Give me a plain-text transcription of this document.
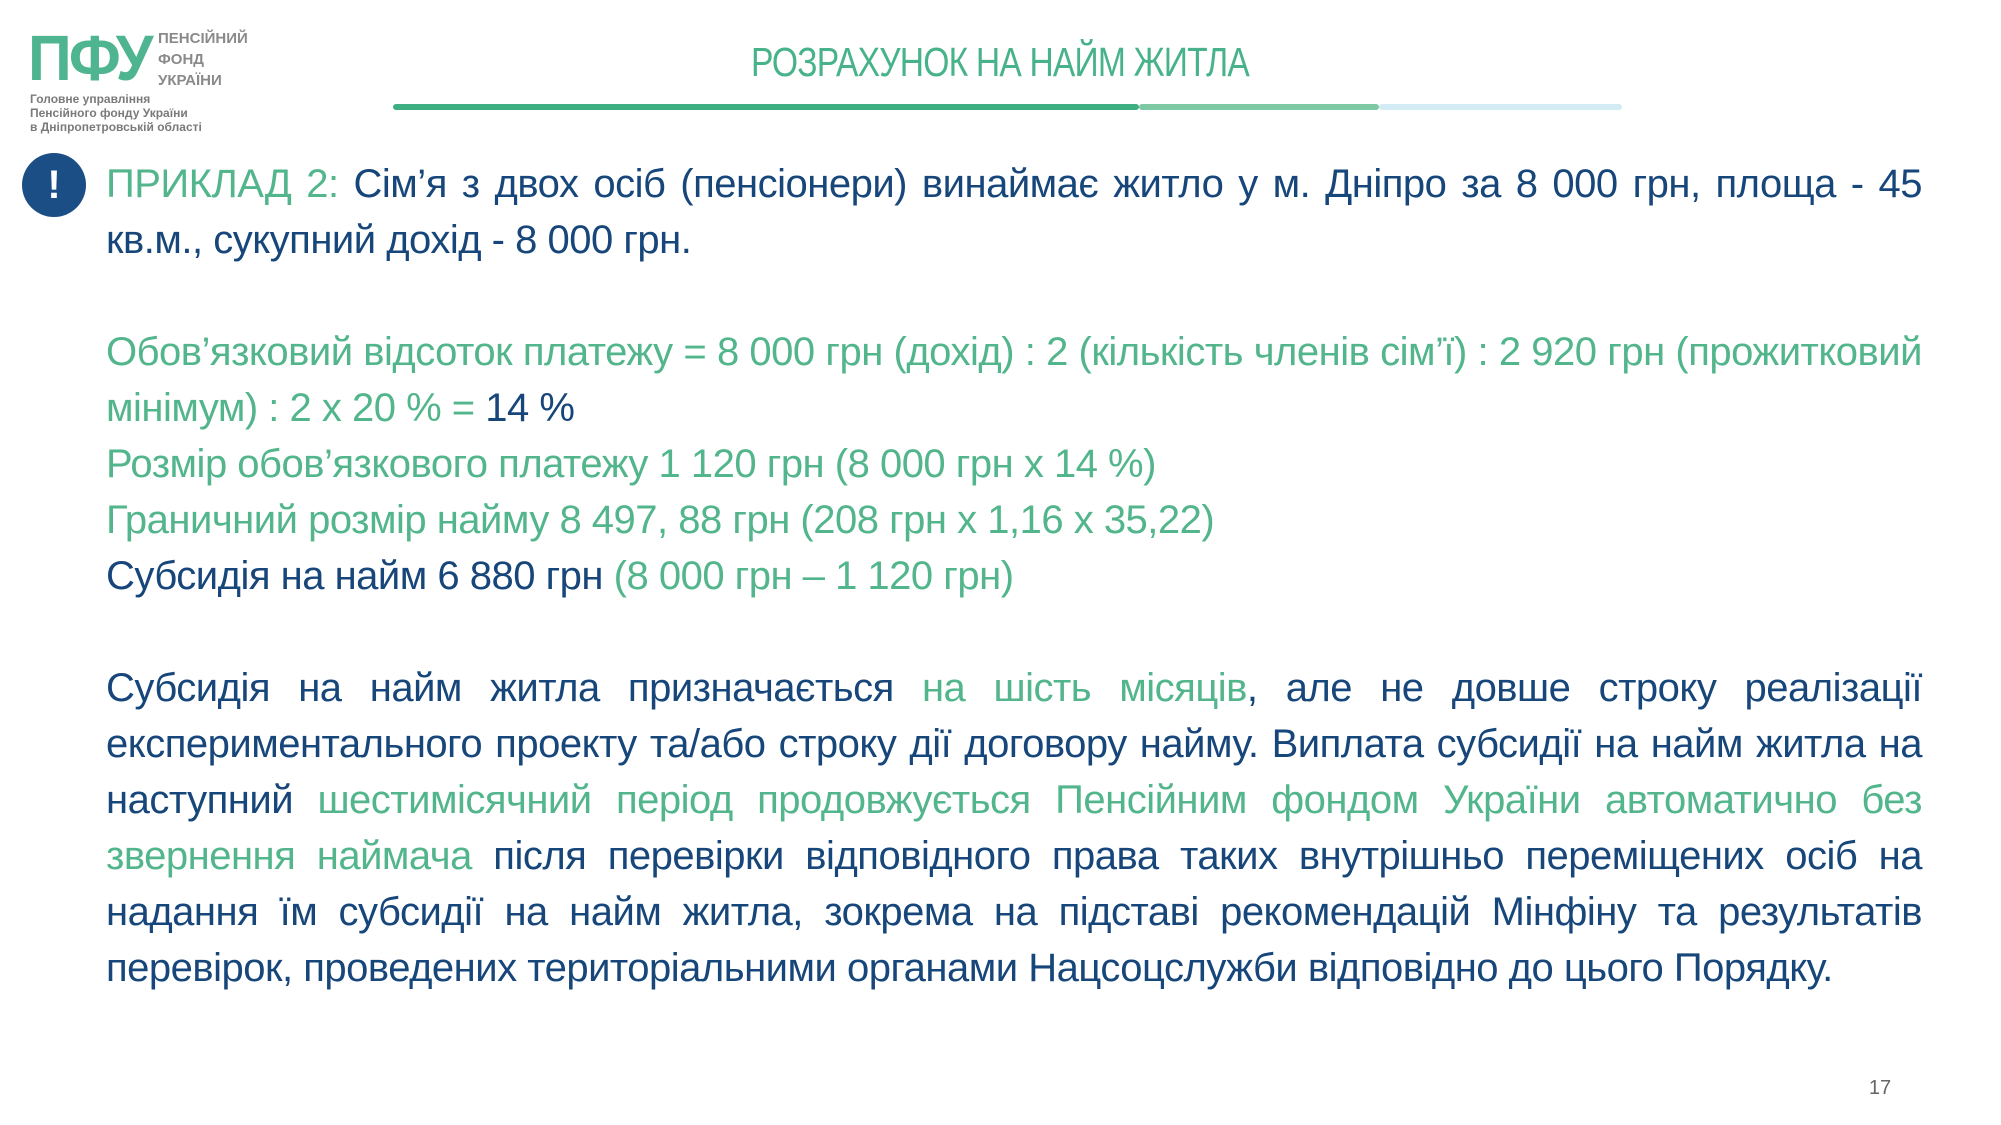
ПФУ ПЕНСІЙНИЙ
ФОНД
УКРАЇНИ
Головне управління
Пенсійного фонду України
в Дніпропетровській області
РОЗРАХУНОК НА НАЙМ ЖИТЛА
!	ПРИКЛАД 2: Сім’я з двох осіб (пенсіонери) винаймає житло у м. Дніпро за 8 000 грн, площа - 45 кв.м., сукупний дохід - 8 000 грн.

Обов’язковий відсоток платежу = 8 000 грн (дохід) : 2 (кількість членів сім’ї) : 2 920 грн (прожитковий мінімум) : 2 х 20 % = 14 %

Розмір обов’язкового платежу 1 120 грн (8 000 грн х 14 %)

Граничний розмір найму 8 497, 88 грн (208 грн х 1,16 х 35,22)

Субсидія на найм 6 880 грн (8 000 грн – 1 120 грн)

Субсидія на найм житла призначається на шість місяців, але не довше строку реалізації експериментального проекту та/або строку дії договору найму. Виплата субсидії на найм житла на наступний шестимісячний період продовжується Пенсійним фондом України автоматично без звернення наймача після перевірки відповідного права таких внутрішньо переміщених осіб на надання їм субсидії на найм житла, зокрема на підставі рекомендацій Мінфіну та результатів перевірок, проведених територіальними органами Нацсоцслужби відповідно до цього Порядку.

17
